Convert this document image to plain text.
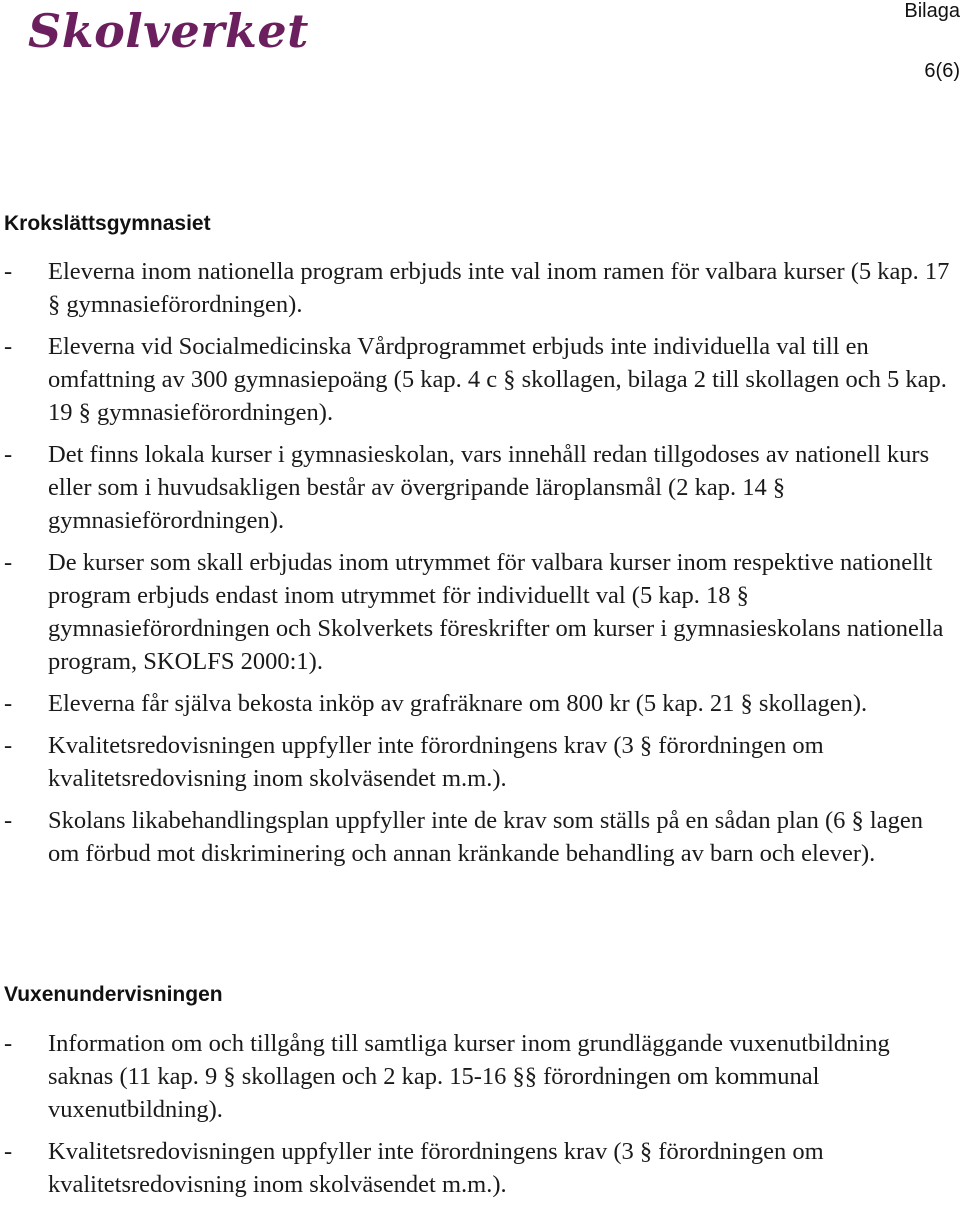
Skolverket	Bilaga
6(6)
Krokslättsgymnasiet
-	Eleverna inom nationella program erbjuds inte val inom ramen för valbara kurser (5 kap. 17 § gymnasieförordningen).
-	Eleverna vid Socialmedicinska Vårdprogrammet erbjuds inte individuella val till en omfattning av 300 gymnasiepoäng (5 kap. 4 c § skollagen, bilaga 2 till skollagen och 5 kap. 19 § gymnasieförordningen).
-	Det finns lokala kurser i gymnasieskolan, vars innehåll redan tillgodoses av nationell kurs eller som i huvudsakligen består av övergripande läroplansmål (2 kap. 14 § gymnasieförordningen).
-	De kurser som skall erbjudas inom utrymmet för valbara kurser inom respektive nationellt program erbjuds endast inom utrymmet för individuellt val (5 kap. 18 § gymnasieförordningen och Skolverkets föreskrifter om kurser i gymnasieskolans nationella program, SKOLFS 2000:1).
-	Eleverna får själva bekosta inköp av grafräknare om 800 kr (5 kap. 21 § skollagen).
-	Kvalitetsredovisningen uppfyller inte förordningens krav (3 § förordningen om kvalitetsredovisning inom skolväsendet m.m.).
-	Skolans likabehandlingsplan uppfyller inte de krav som ställs på en sådan plan (6 § lagen om förbud mot diskriminering och annan kränkande behandling av barn och elever).
Vuxenundervisningen
-	Information om och tillgång till samtliga kurser inom grundläggande vuxenutbildning saknas (11 kap. 9 § skollagen och 2 kap. 15-16 §§ förordningen om kommunal vuxenutbildning).
-	Kvalitetsredovisningen uppfyller inte förordningens krav (3 § förordningen om kvalitetsredovisning inom skolväsendet m.m.).
